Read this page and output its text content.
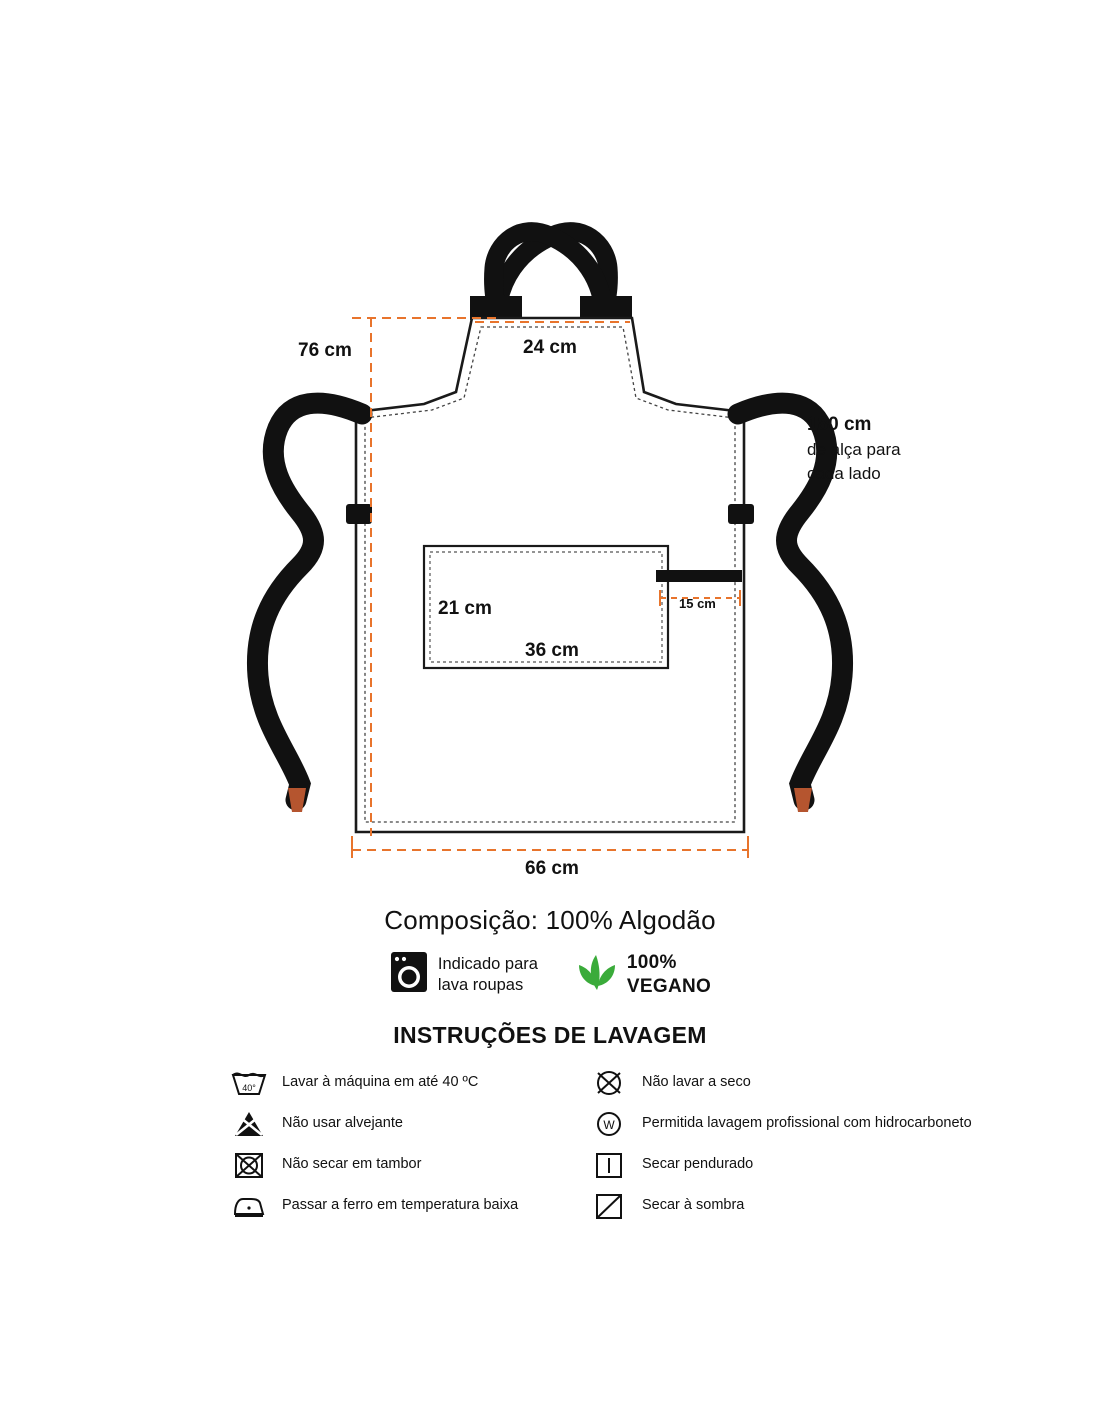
76 cm	24 cm
21 cm
36 cm
15 cm
66 cm
180 cm
de alça para
cada lado
Composição: 100% Algodão
Indicado para
lava roupas
100%
VEGANO
INSTRUÇÕES DE LAVAGEM
40° Lavar à máquina em até 40 ºC
Não usar alvejante
Não secar em tambor
Passar a ferro em temperatura baixa
Não lavar a seco
W Permitida lavagem profissional com hidrocarboneto
Secar pendurado
Secar à sombra
